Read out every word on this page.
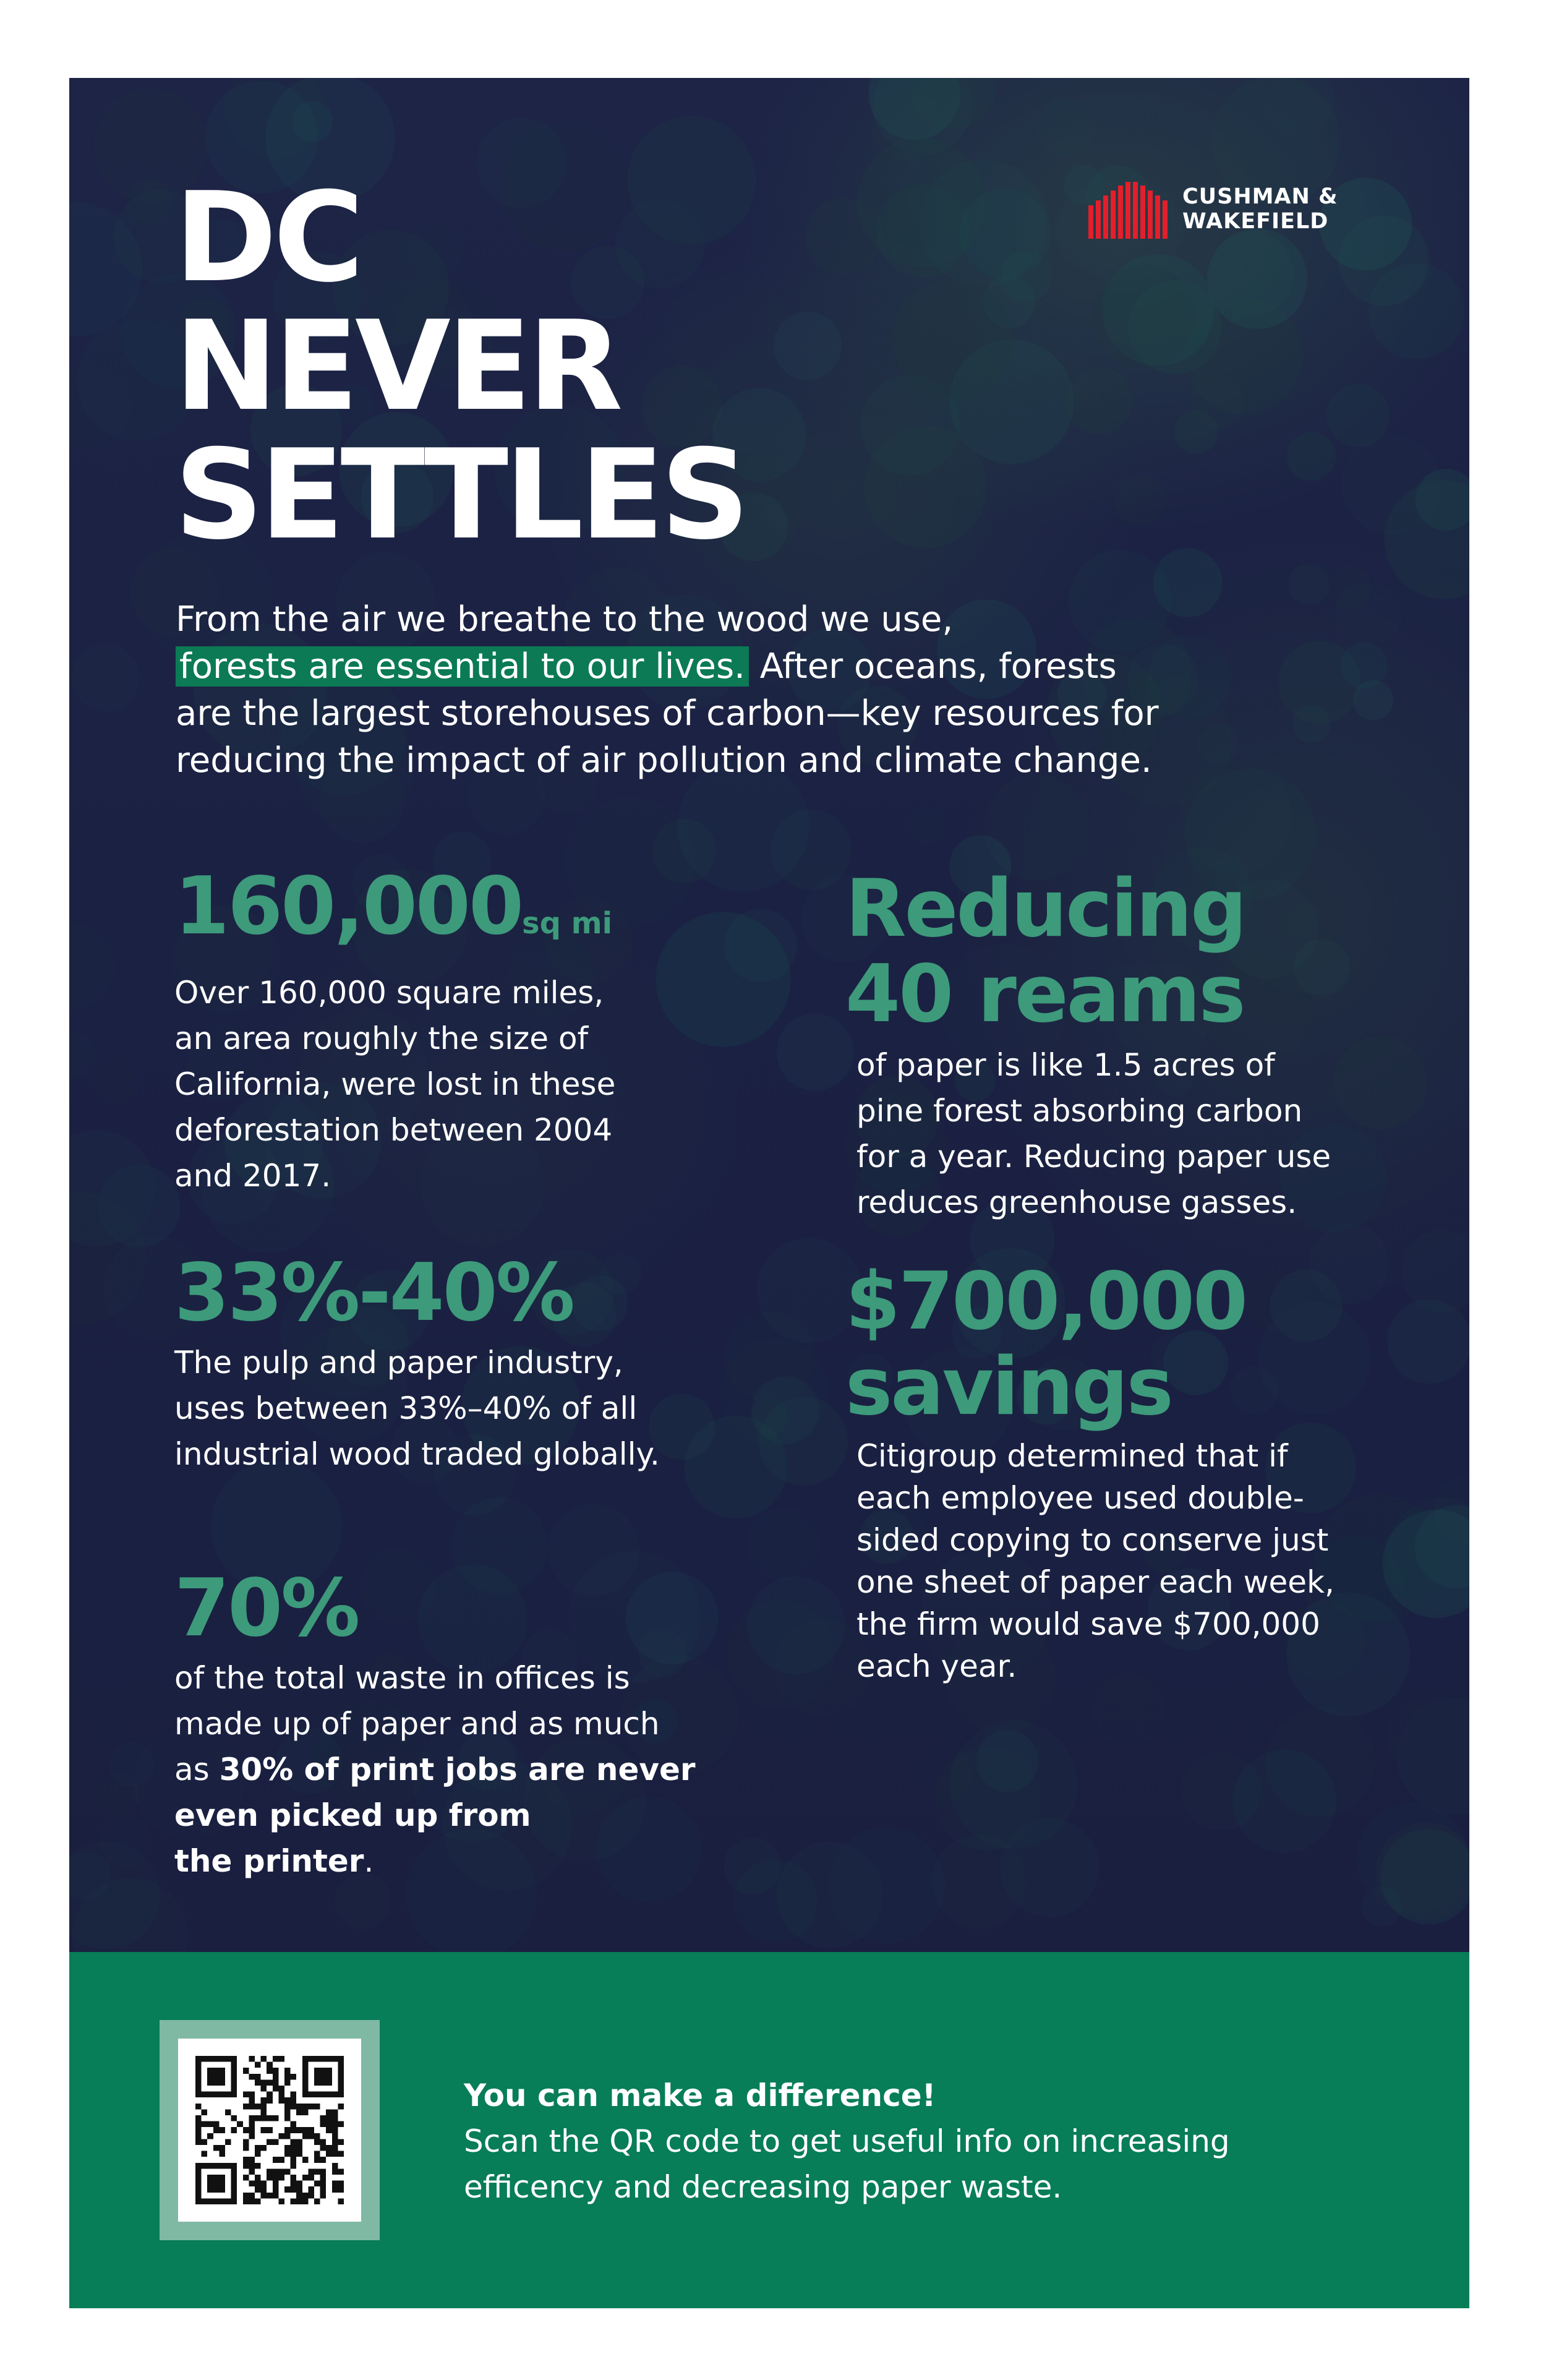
DC
NEVER
SETTLES
CUSHMAN &
WAKEFIELD
From the air we breathe to the wood we use,
forests are essential to our lives. After oceans, forests
are the largest storehouses of carbon—key resources for
reducing the impact of air pollution and climate change.
160,000sq mi
Over 160,000 square miles,
an area roughly the size of
California, were lost in these
deforestation between 2004
and 2017.
33%-40%
The pulp and paper industry,
uses between 33%–40% of all
industrial wood traded globally.
70%
of the total waste in offices is
made up of paper and as much
as 30% of print jobs are never
even picked up from
the printer.
Reducing
40 reams
of paper is like 1.5 acres of
pine forest absorbing carbon
for a year. Reducing paper use
reduces greenhouse gasses.
$700,000
savings
Citigroup determined that if
each employee used double-
sided copying to conserve just
one sheet of paper each week,
the firm would save $700,000
each year.
You can make a difference!
Scan the QR code to get useful info on increasing
efficency and decreasing paper waste.
